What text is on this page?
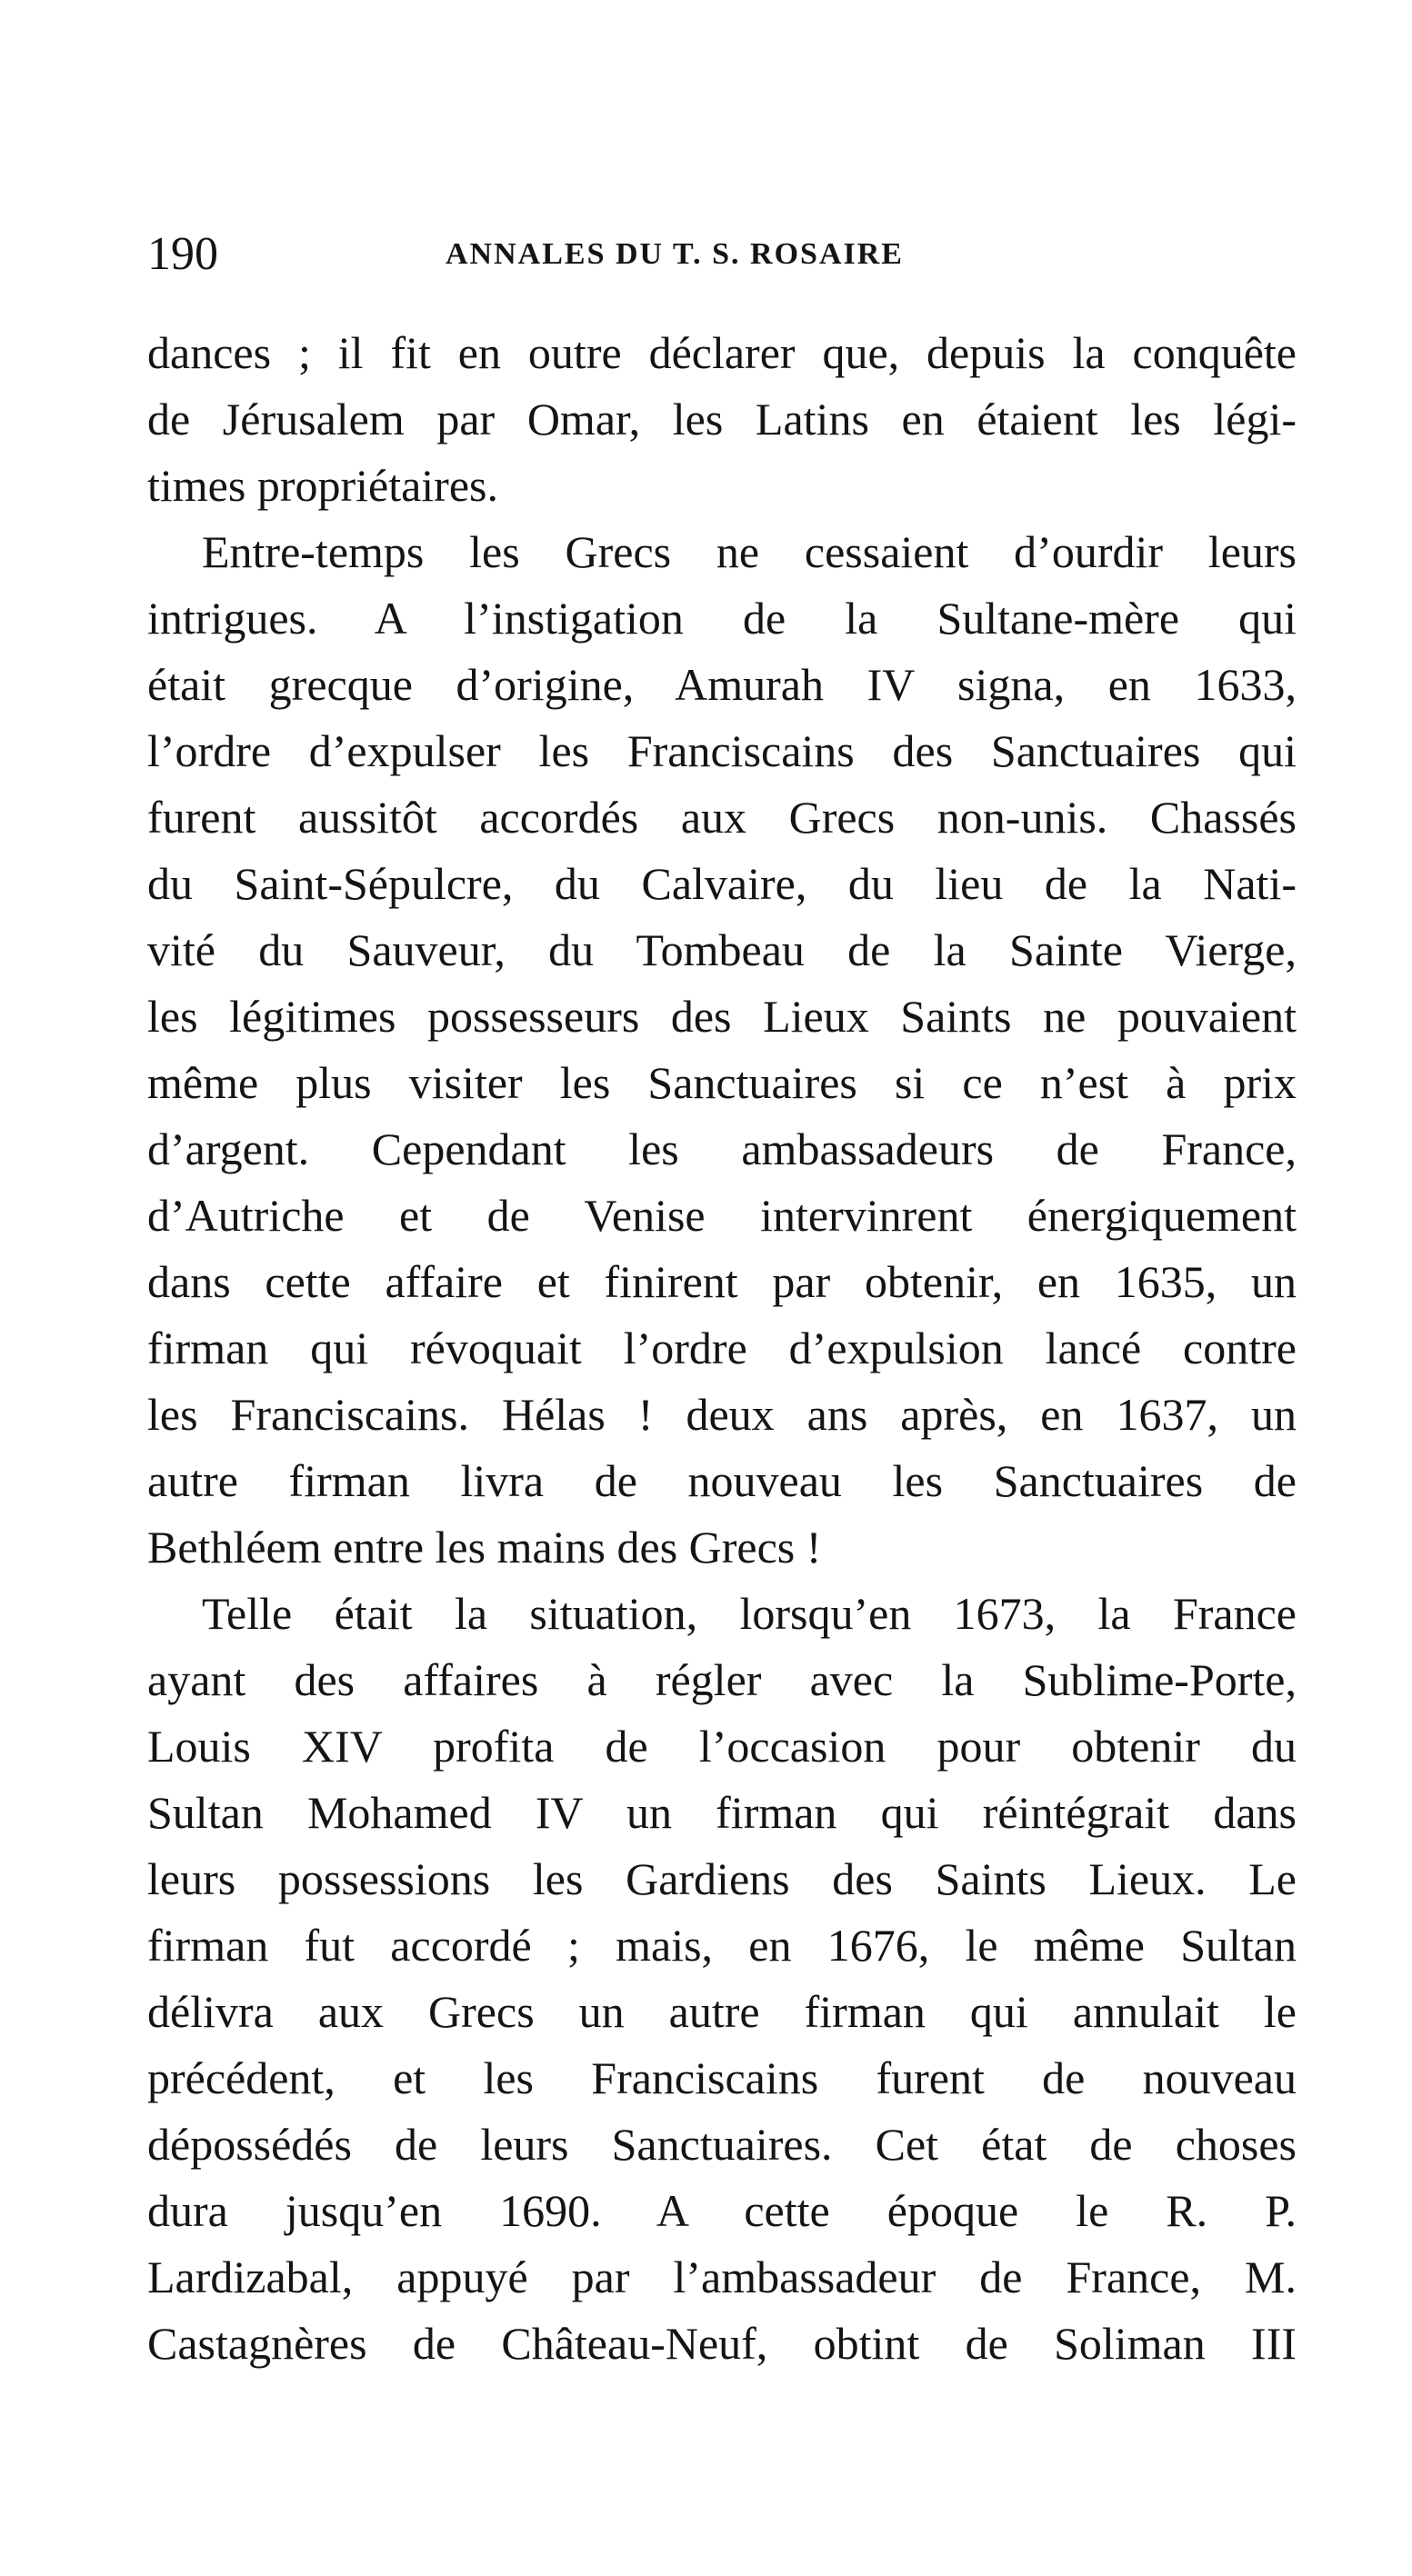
190	ANNALES DU T. S. ROSAIRE
dances ; il fit en outre déclarer que, depuis la conquête
de Jérusalem par Omar, les Latins en étaient les légi-
times propriétaires.
Entre-temps les Grecs ne cessaient d’ourdir leurs
intrigues. A l’instigation de la Sultane-mère qui
était grecque d’origine, Amurah IV signa, en 1633,
l’ordre d’expulser les Franciscains des Sanctuaires qui
furent aussitôt accordés aux Grecs non-unis. Chassés
du Saint-Sépulcre, du Calvaire, du lieu de la Nati-
vité du Sauveur, du Tombeau de la Sainte Vierge,
les légitimes possesseurs des Lieux Saints ne pouvaient
même plus visiter les Sanctuaires si ce n’est à prix
d’argent. Cependant les ambassadeurs de France,
d’Autriche et de Venise intervinrent énergiquement
dans cette affaire et finirent par obtenir, en 1635, un
firman qui révoquait l’ordre d’expulsion lancé contre
les Franciscains. Hélas ! deux ans après, en 1637, un
autre firman livra de nouveau les Sanctuaires de
Bethléem entre les mains des Grecs !
Telle était la situation, lorsqu’en 1673, la France
ayant des affaires à régler avec la Sublime-Porte,
Louis XIV profita de l’occasion pour obtenir du
Sultan Mohamed IV un firman qui réintégrait dans
leurs possessions les Gardiens des Saints Lieux. Le
firman fut accordé ; mais, en 1676, le même Sultan
délivra aux Grecs un autre firman qui annulait le
précédent, et les Franciscains furent de nouveau
dépossédés de leurs Sanctuaires. Cet état de choses
dura jusqu’en 1690. A cette époque le R. P.
Lardizabal, appuyé par l’ambassadeur de France, M.
Castagnères de Château-Neuf, obtint de Soliman III
